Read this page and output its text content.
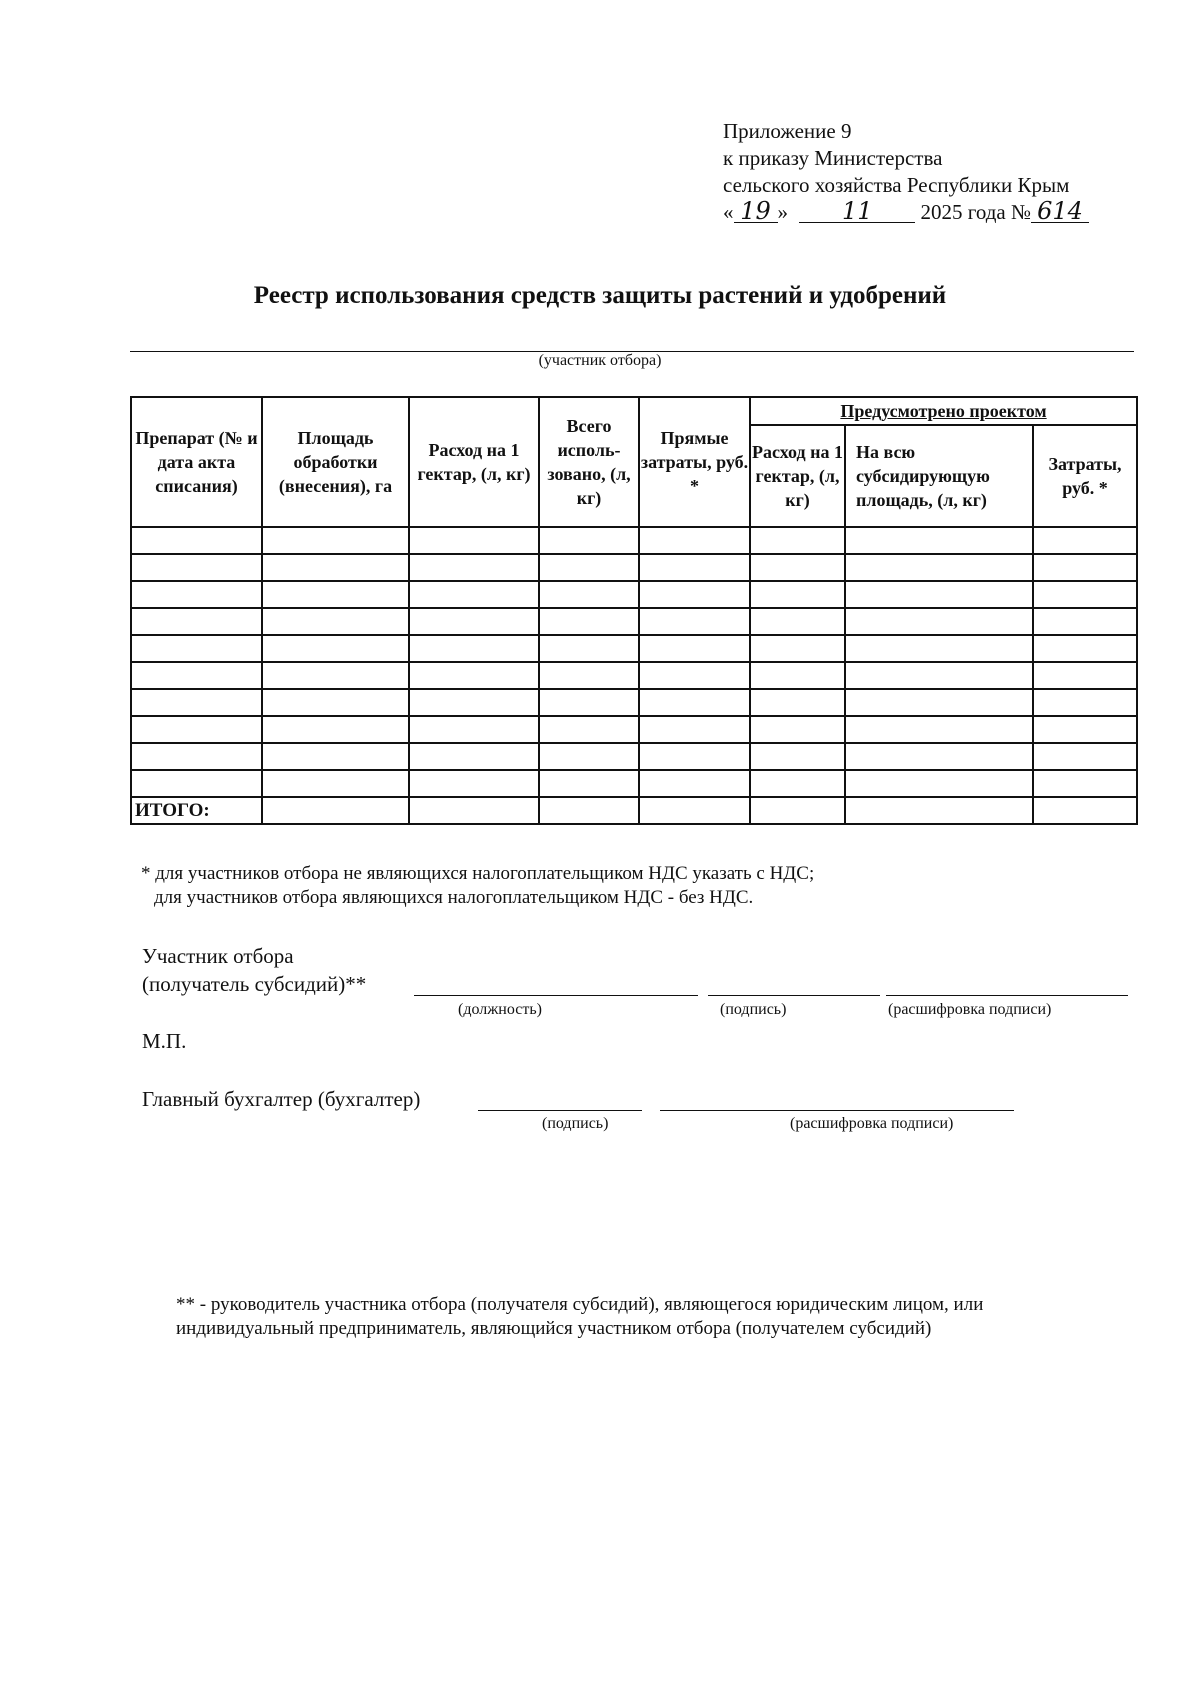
Приложение 9
к приказу Министерства
сельского хозяйства Республики Крым
« 19 » 11 2025 года № 614
Реестр использования средств защиты растений и удобрений
(участник отбора)
Препарат (№ и дата акта списания)	Площадь обработки (внесения), га	Расход на 1 гектар, (л, кг)	Всего исполь-зовано, (л, кг)	Прямые затраты, руб. *	Предусмотрено проектом		
					Расход на 1 гектар, (л, кг)	На всю субсидирующую площадь, (л, кг)	Затраты, руб. *

ИТОГО:							
* для участников отбора не являющихся налогоплательщиком НДС указать с НДС;
для участников отбора являющихся налогоплательщиком НДС - без НДС.
Участник отбора
(получатель субсидий)**
(должность)	(подпись)	(расшифровка подписи)
М.П.
Главный бухгалтер (бухгалтер)
(подпись)	(расшифровка подписи)
** - руководитель участника отбора (получателя субсидий), являющегося юридическим лицом, или
индивидуальный предприниматель, являющийся участником отбора (получателем субсидий)
